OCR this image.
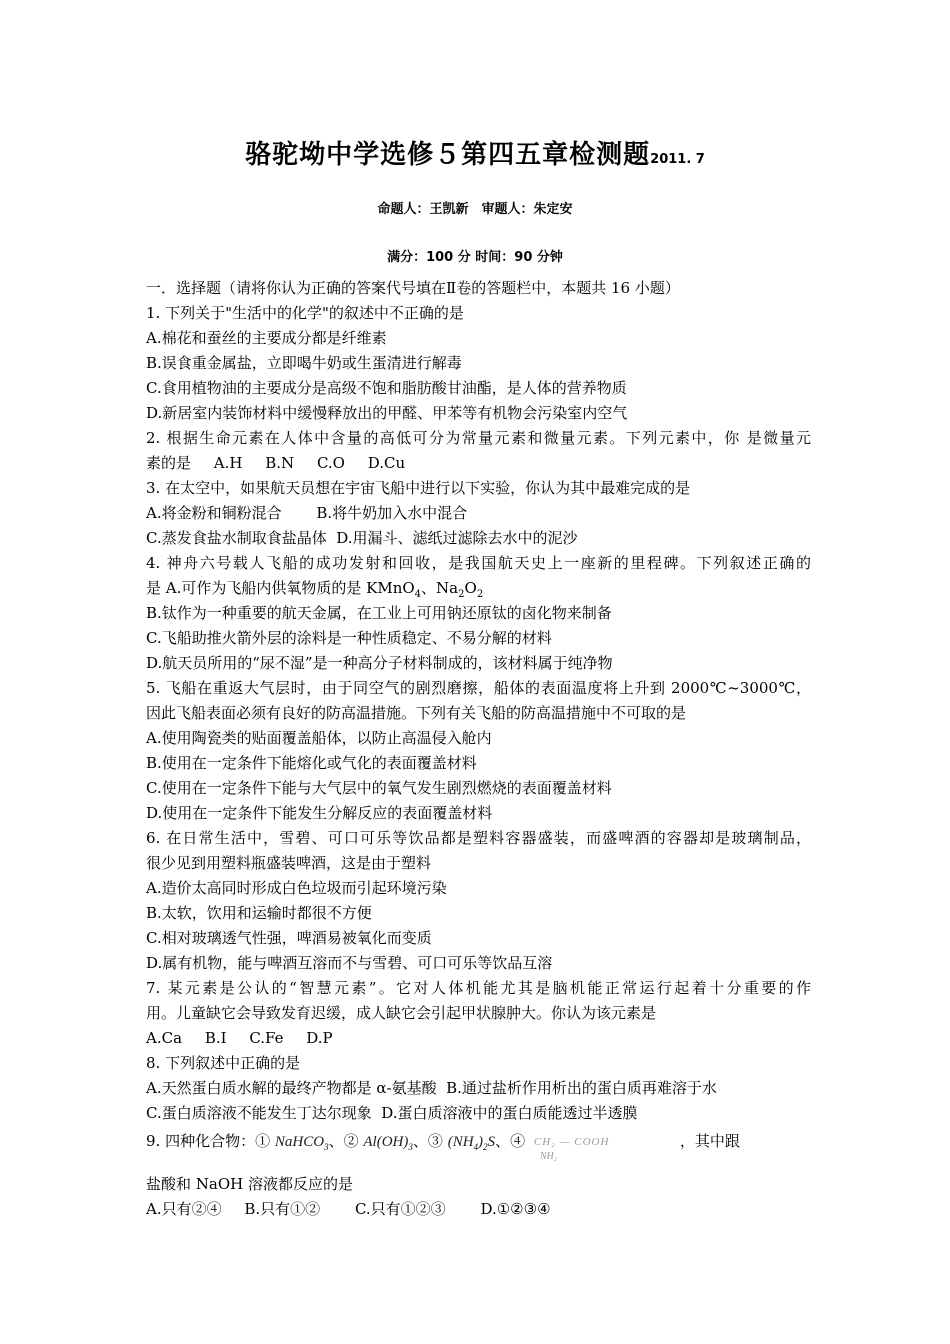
骆驼坳中学选修５第四五章检测题2011. 7
命题人：王凯新　审题人：朱定安
满分：100 分 时间：90 分钟
一．选择题（请将你认为正确的答案代号填在Ⅱ卷的答题栏中，本题共 16 小题）
1. 下列关于"生活中的化学"的叙述中不正确的是
A.棉花和蚕丝的主要成分都是纤维素
B.误食重金属盐，立即喝牛奶或生蛋清进行解毒
C.食用植物油的主要成分是高级不饱和脂肪酸甘油酯，是人体的营养物质
D.新居室内装饰材料中缓慢释放出的甲醛、甲苯等有机物会污染室内空气
2. 根据生命元素在人体中含量的高低可分为常量元素和微量元素。下列元素中，你 是微量元
素的是 A.H B.N C.O D.Cu
3. 在太空中，如果航天员想在宇宙飞船中进行以下实验，你认为其中最难完成的是
A.将金粉和铜粉混合 B.将牛奶加入水中混合
C.蒸发食盐水制取食盐晶体 D.用漏斗、滤纸过滤除去水中的泥沙
4. 神舟六号载人飞船的成功发射和回收，是我国航天史上一座新的里程碑。下列叙述正确的
是 A.可作为飞船内供氧物质的是 KMnO$_4$、$Na_2O_2$
B.钛作为一种重要的航天金属，在工业上可用钠还原钛的卤化物来制备
C.飞船助推火箭外层的涂料是一种性质稳定、不易分解的材料
D.航天员所用的“尿不湿”是一种高分子材料制成的，该材料属于纯净物
5. 飞船在重返大气层时，由于同空气的剧烈磨擦，船体的表面温度将上升到 2000℃~3000℃，
因此飞船表面必须有良好的防高温措施。下列有关飞船的防高温措施中不可取的是
A.使用陶瓷类的贴面覆盖船体，以防止高温侵入舱内
B.使用在一定条件下能熔化或气化的表面覆盖材料
C.使用在一定条件下能与大气层中的氧气发生剧烈燃烧的表面覆盖材料
D.使用在一定条件下能发生分解反应的表面覆盖材料
6. 在日常生活中，雪碧、可口可乐等饮品都是塑料容器盛装，而盛啤酒的容器却是玻璃制品，
很少见到用塑料瓶盛装啤酒，这是由于塑料
A.造价太高同时形成白色垃圾而引起环境污染
B.太软，饮用和运输时都很不方便
C.相对玻璃透气性强，啤酒易被氧化而变质
D.属有机物，能与啤酒互溶而不与雪碧、可口可乐等饮品互溶
7. 某元素是公认的“智慧元素”。它对人体机能尤其是脑机能正常运行起着十分重要的作
用。儿童缺它会导致发育迟缓，成人缺它会引起甲状腺肿大。你认为该元素是
A.Ca B.I C.Fe D.P
8. 下列叙述中正确的是
A.天然蛋白质水解的最终产物都是 α-氨基酸 B.通过盐析作用析出的蛋白质再难溶于水
C.蛋白质溶液不能发生丁达尔现象 D.蛋白质溶液中的蛋白质能透过半透膜
9. 四种化合物：① NaHCO$_3$、② $Al(OH)_3$、③ $(NH_4)_2S$、④ CH₂ — COOH
NH₂
，其中跟
盐酸和 NaOH 溶液都反应的是
A.只有②④ B.只有①② C.只有①②③ D.①②③④
